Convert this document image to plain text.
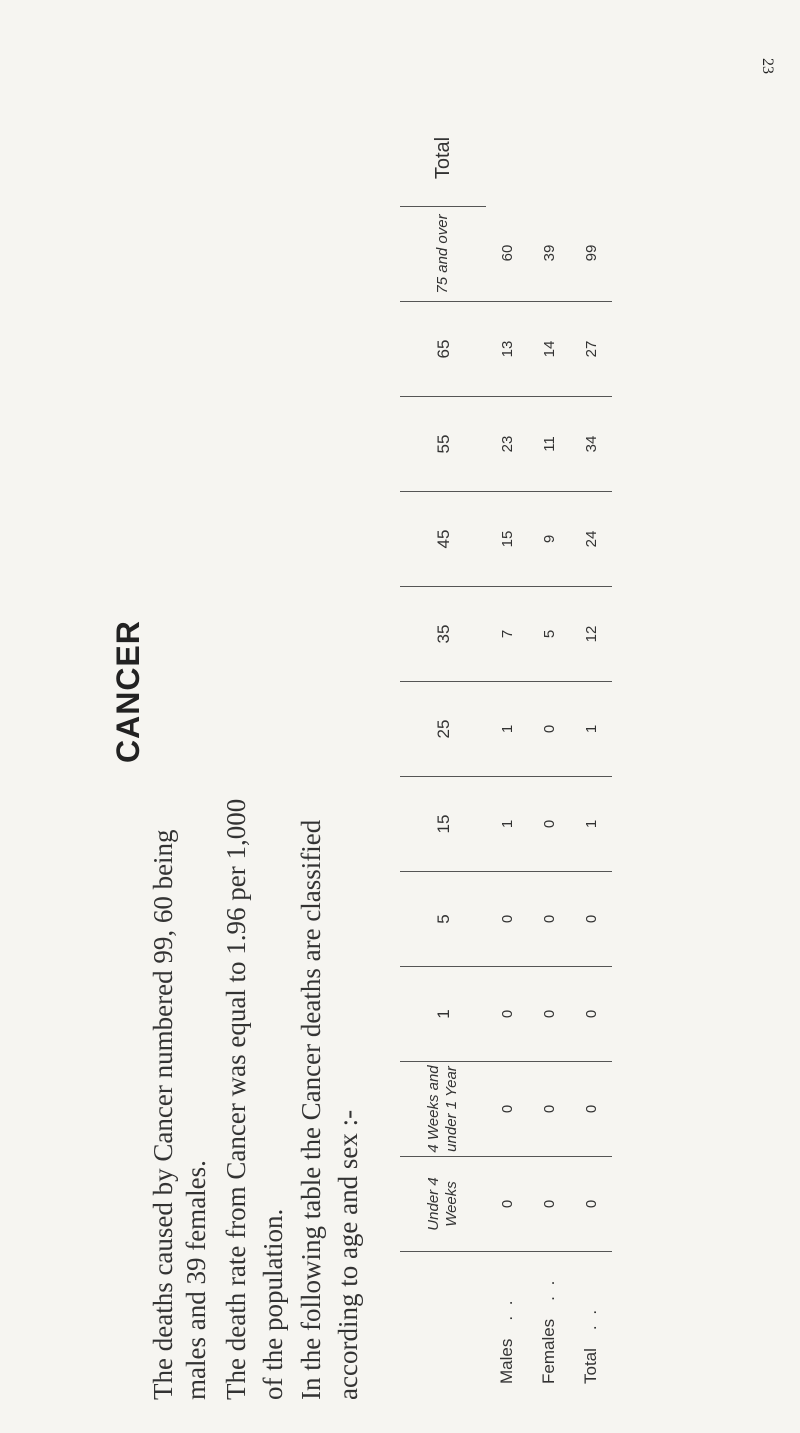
23
CANCER
The deaths caused by Cancer numbered 99, 60 being males and 39 females. The death rate from Cancer was equal to 1.96 per 1,000 of the population. In the following table the Cancer deaths are classified according to age and sex :-	Under 4 Weeks
4 Weeks and under 1 Year
1
5
15
25
35
45
55
65
75 and over
Total
Males
. .
0
0
0
0
1
1
7
15
23
13
60
Females
. .
0
0
0
0
0
0
5
9
11
14
39
Total
. .
0
0
0
0
1
1
12
24
34
27
99
